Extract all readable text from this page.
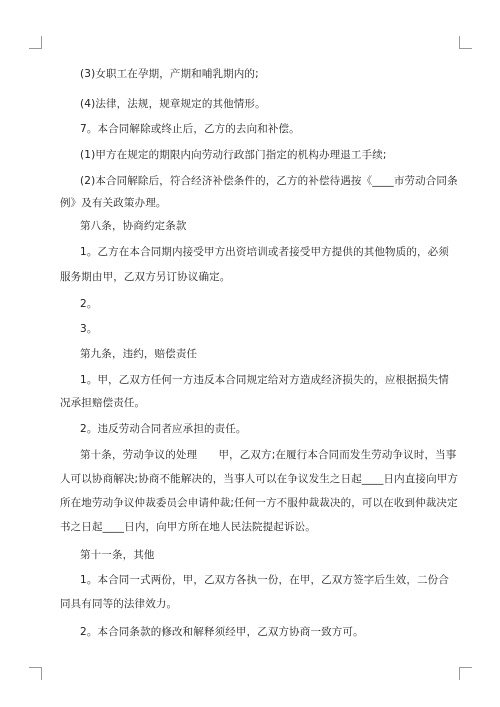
(3)女职工在孕期，产期和哺乳期内的;
(4)法律，法规，规章规定的其他情形。
7。本合同解除或终止后，乙方的去向和补偿。
(1)甲方在规定的期限内向劳动行政部门指定的机构办理退工手续;
(2)本合同解除后，符合经济补偿条件的，乙方的补偿待遇按《____市劳动合同条
例》及有关政策办理。
第八条，协商约定条款
1。乙方在本合同期内接受甲方出资培训或者接受甲方提供的其他物质的，必须
服务期由甲，乙双方另订协议确定。
2。
3。
第九条，违约，赔偿责任
1。甲，乙双方任何一方违反本合同规定给对方造成经济损失的，应根据损失情
况承担赔偿责任。
2。违反劳动合同者应承担的责任。
第十条，劳动争议的处理　　甲，乙双方;在履行本合同而发生劳动争议时，当事
人可以协商解决;协商不能解决的，当事人可以在争议发生之日起____日内直接向甲方
所在地劳动争议仲裁委员会申请仲裁;任何一方不服仲裁裁决的，可以在收到仲裁决定
书之日起____日内，向甲方所在地人民法院提起诉讼。
第十一条，其他
1。本合同一式两份，甲，乙双方各执一份，在甲，乙双方签字后生效，二份合
同具有同等的法律效力。
2。本合同条款的修改和解释须经甲，乙双方协商一致方可。
